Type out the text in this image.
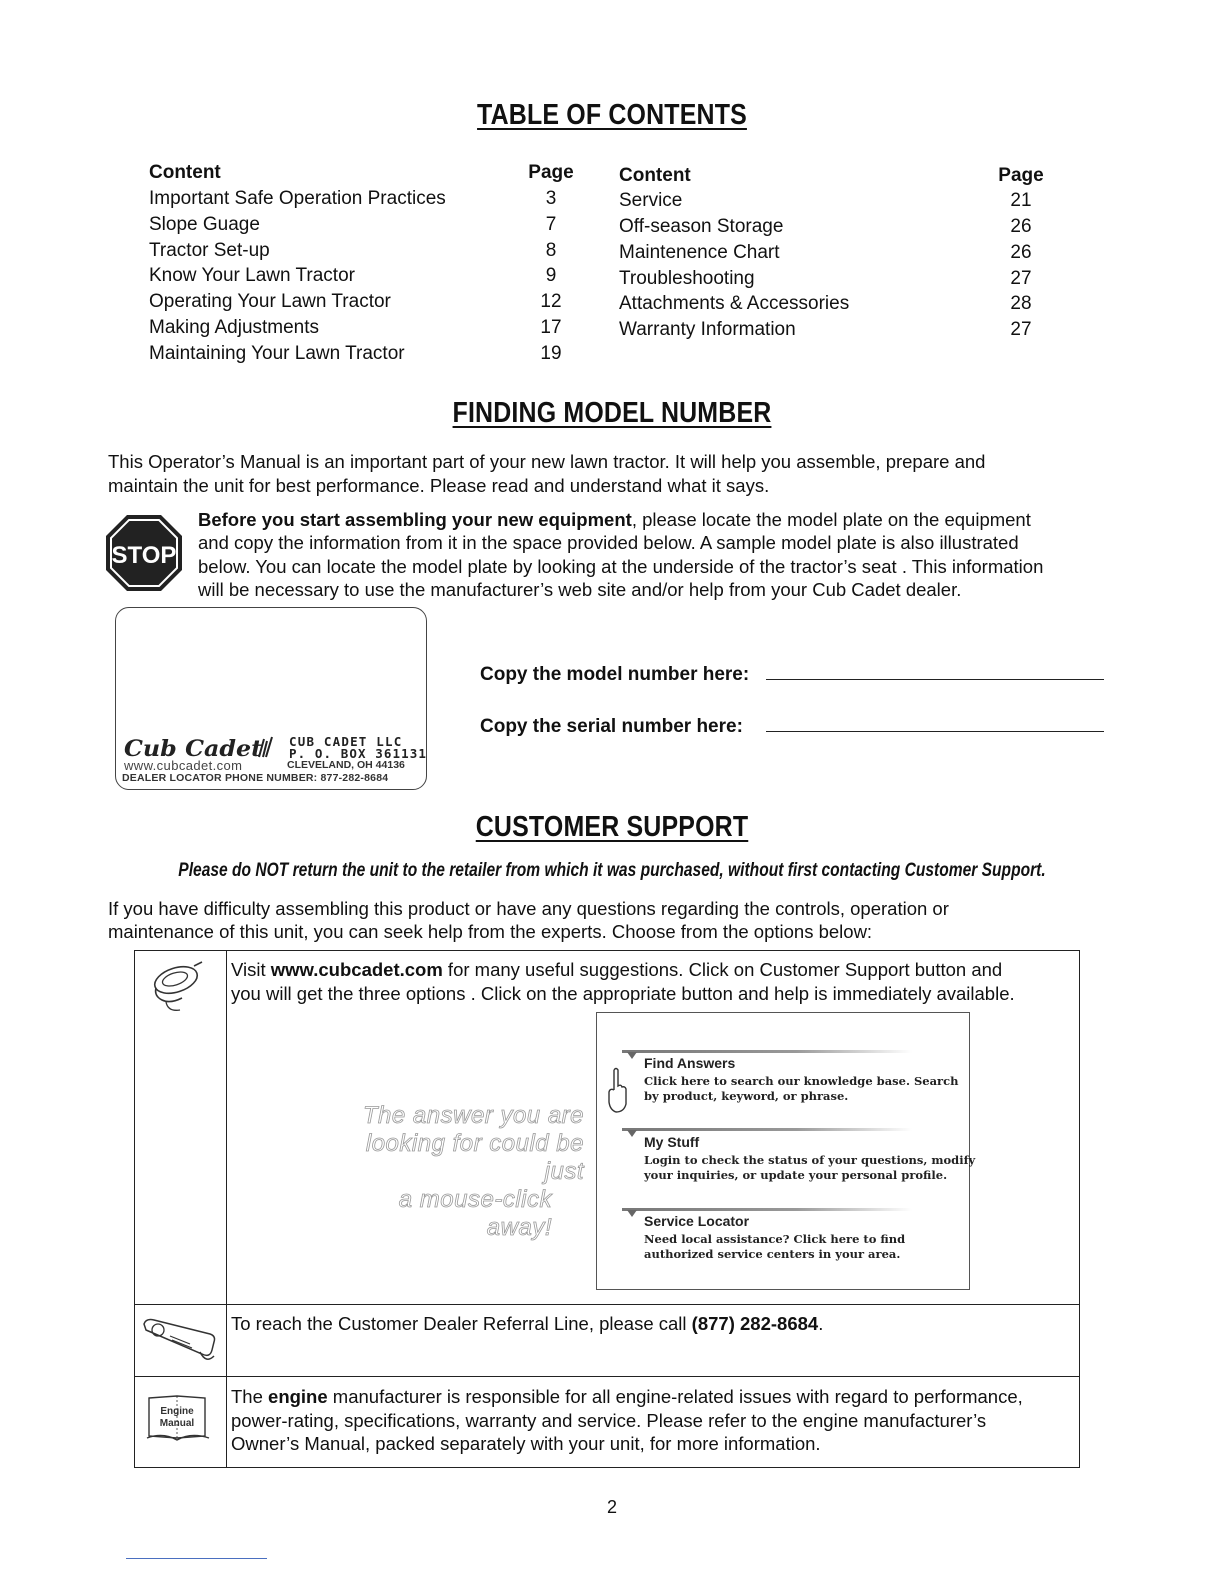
TABLE OF CONTENTS
Content	Page
Important Safe Operation Practices	3
Slope Guage	7
Tractor Set-up	8
Know Your Lawn Tractor	9
Operating Your Lawn Tractor	12
Making Adjustments	17
Maintaining Your Lawn Tractor	19
Content	Page
Service	21
Off-season Storage	26
Maintenence Chart	26
Troubleshooting	27
Attachments & Accessories	28
Warranty Information	27
FINDING MODEL NUMBER
This Operator’s Manual is an important part of your new lawn tractor. It will help you assemble, prepare and
maintain the unit for best performance. Please read and understand what it says.
STOP
Before you start assembling your new equipment, please locate the model plate on the equipment
and copy the information from it in the space provided below. A sample model plate is also illustrated
below. You can locate the model plate by looking at the underside of the tractor’s seat . This information
will be necessary to use the manufacturer’s web site and/or help from your Cub Cadet dealer.
Cub Cadet CUB CADET LLC
P. O. BOX 361131
www.cubcadet.com	CLEVELAND, OH 44136
DEALER LOCATOR PHONE NUMBER: 877-282-8684
Copy the model number here:
Copy the serial number here:
CUSTOMER SUPPORT
Please do NOT return the unit to the retailer from which it was purchased, without first contacting Customer Support.
If you have difficulty assembling this product or have any questions regarding the controls, operation or
maintenance of this unit, you can seek help from the experts. Choose from the options below:
Visit www.cubcadet.com for many useful suggestions. Click on Customer Support button and
you will get the three options . Click on the appropriate button and help is immediately available.
The answer you are
looking for could be just
a mouse-click away!
Find Answers
Click here to search our knowledge base. Search
by product, keyword, or phrase.
My Stuff
Login to check the status of your questions, modify
your inquiries, or update your personal profile.
Service Locator
Need local assistance? Click here to find
authorized service centers in your area.
To reach the Customer Dealer Referral Line, please call (877) 282-8684.
Engine
Manual
The engine manufacturer is responsible for all engine-related issues with regard to performance,
power-rating, specifications, warranty and service. Please refer to the engine manufacturer’s
Owner’s Manual, packed separately with your unit, for more information.
2
